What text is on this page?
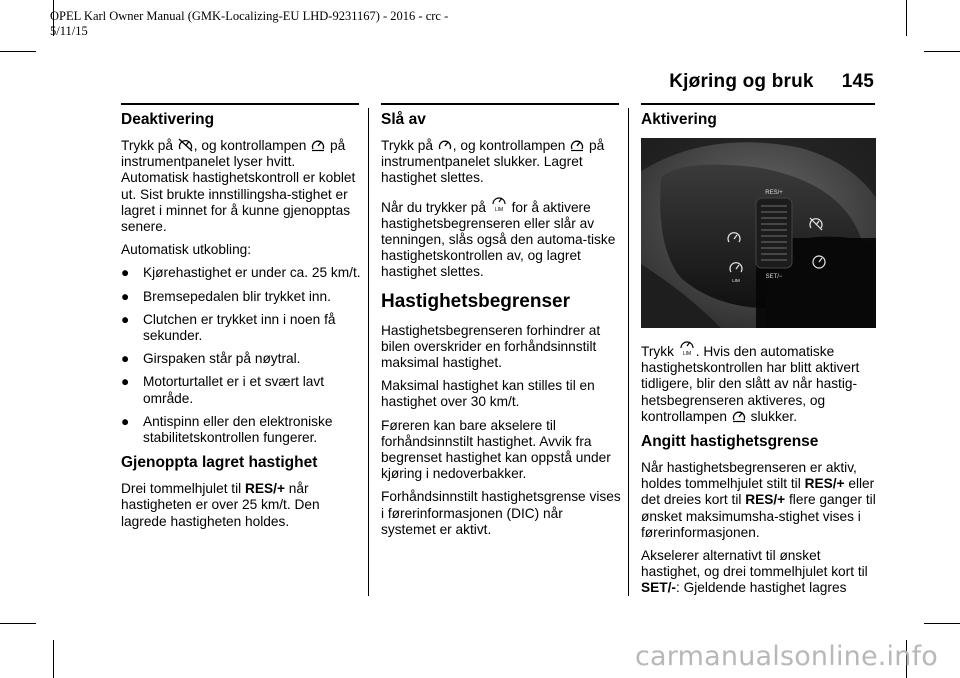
OPEL Karl Owner Manual (GMK-Localizing-EU LHD-9231167) - 2016 - crc -
5/11/15
Kjøring og bruk 145
Deaktivering

Trykk på , og kontrollampen på instrumentpanelet lyser hvitt. Automatisk hastighetskontroll er koblet ut. Sist brukte innstillingsha-stighet er lagret i minnet for å kunne gjenopptas senere.

Automatisk utkobling:

●	Kjørehastighet er under ca. 25 km/t.
●	Bremsepedalen blir trykket inn.
●	Clutchen er trykket inn i noen få sekunder.
●	Girspaken står på nøytral.
●	Motorturtallet er i et svært lavt område.
●	Antispinn eller den elektroniske stabilitetskontrollen fungerer.
Gjenoppta lagret hastighet

Drei tommelhjulet til RES/+ når hastigheten er over 25 km/t. Den lagrede hastigheten holdes.

Slå av

Trykk på , og kontrollampen på instrumentpanelet slukker. Lagret hastighet slettes.

Når du trykker på LIM for å aktivere hastighetsbegrenseren eller slår av tenningen, slås også den automa-tiske hastighetskontrollen av, og lagret hastighet slettes.

Hastighetsbegrenser

Hastighetsbegrenseren forhindrer at bilen overskrider en forhåndsinnstilt maksimal hastighet.

Maksimal hastighet kan stilles til en hastighet over 30 km/t.

Føreren kan bare akselere til forhåndsinnstilt hastighet. Avvik fra begrenset hastighet kan oppstå under kjøring i nedoverbakker.

Forhåndsinnstilt hastighetsgrense vises i førerinformasjonen (DIC) når systemet er aktivt.

Aktivering
RES/+
SET/−
LIM

Trykk LIM . Hvis den automatiske hastighetskontrollen har blitt aktivert tidligere, blir den slått av når hastig-hetsbegrenseren aktiveres, og kontrollampen slukker.

Angitt hastighetsgrense

Når hastighetsbegrenseren er aktiv, holdes tommelhjulet stilt til RES/+ eller det dreies kort til RES/+ flere ganger til ønsket maksimumsha-stighet vises i førerinformasjonen.

Akselerer alternativt til ønsket hastighet, og drei tommelhjulet kort til SET/-: Gjeldende hastighet lagres

carmanualsonline.info
